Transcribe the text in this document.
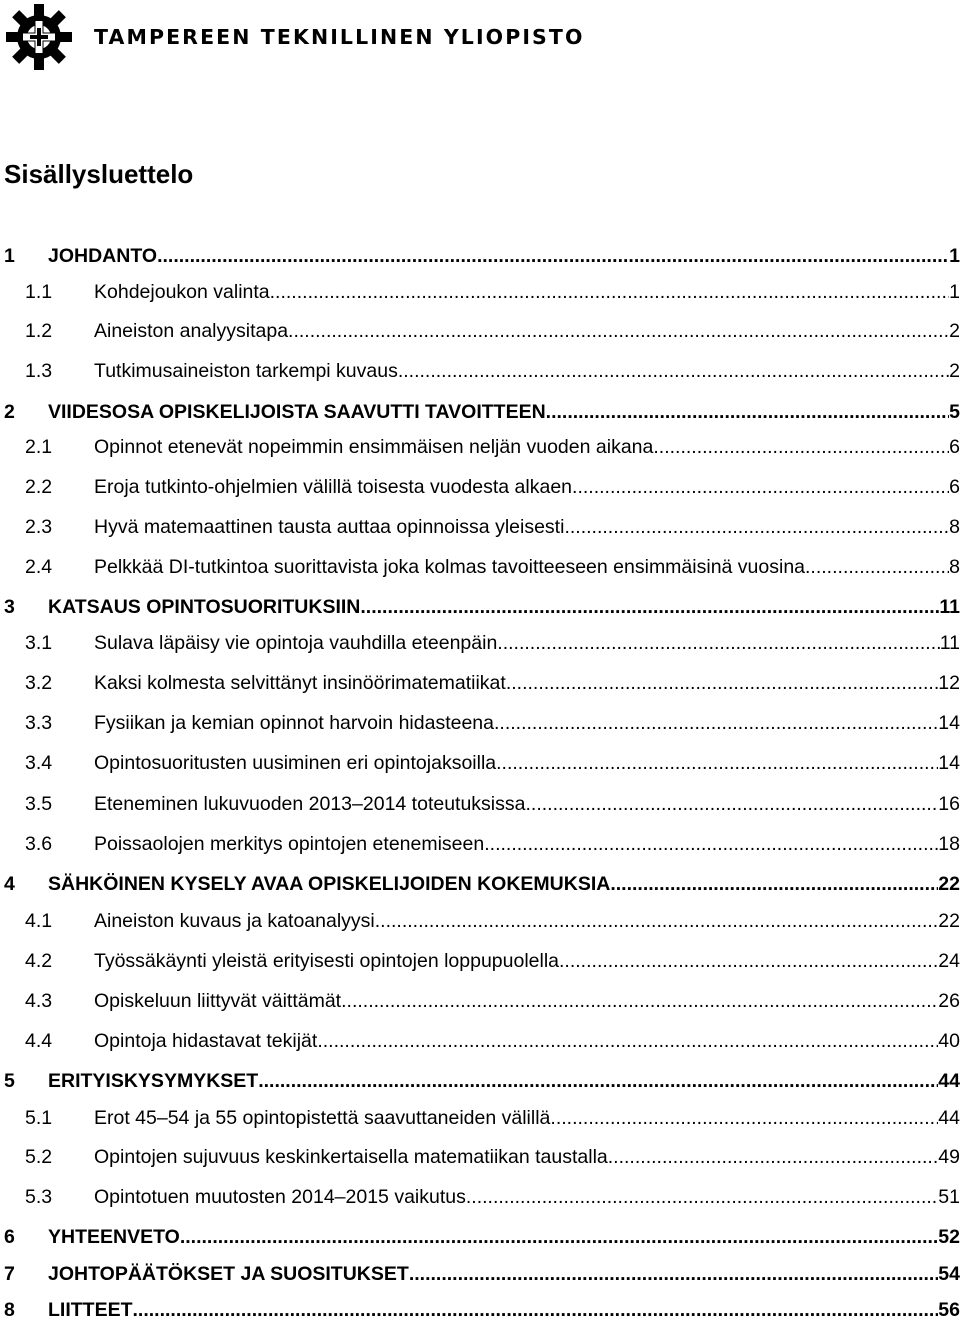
TAMPEREEN TEKNILLINEN YLIOPISTO
Sisällysluettelo
1	JOHDANTO .....	1
1.1	Kohdejoukon valinta .....	1
1.2	Aineiston analyysitapa .....	2
1.3	Tutkimusaineiston tarkempi kuvaus .....	2
2	VIIDESOSA OPISKELIJOISTA SAAVUTTI TAVOITTEEN .....	5
2.1	Opinnot etenevät nopeimmin ensimmäisen neljän vuoden aikana .....	6
2.2	Eroja tutkinto-ohjelmien välillä toisesta vuodesta alkaen .....	6
2.3	Hyvä matemaattinen tausta auttaa opinnoissa yleisesti .....	8
2.4	Pelkkää DI-tutkintoa suorittavista joka kolmas tavoitteeseen ensimmäisinä vuosina .....	8
3	KATSAUS OPINTOSUORITUKSIIN .....	11
3.1	Sulava läpäisy vie opintoja vauhdilla eteenpäin .....	11
3.2	Kaksi kolmesta selvittänyt insinöörimatematiikat .....	12
3.3	Fysiikan ja kemian opinnot harvoin hidasteena .....	14
3.4	Opintosuoritusten uusiminen eri opintojaksoilla .....	14
3.5	Eteneminen lukuvuoden 2013–2014 toteutuksissa .....	16
3.6	Poissaolojen merkitys opintojen etenemiseen .....	18
4	SÄHKÖINEN KYSELY AVAA OPISKELIJOIDEN KOKEMUKSIA .....	22
4.1	Aineiston kuvaus ja katoanalyysi .....	22
4.2	Työssäkäynti yleistä erityisesti opintojen loppupuolella .....	24
4.3	Opiskeluun liittyvät väittämät .....	26
4.4	Opintoja hidastavat tekijät .....	40
5	ERITYISKYSYMYKSET .....	44
5.1	Erot 45–54 ja 55 opintopistettä saavuttaneiden välillä .....	44
5.2	Opintojen sujuvuus keskinkertaisella matematiikan taustalla .....	49
5.3	Opintotuen muutosten 2014–2015 vaikutus .....	51
6	YHTEENVETO .....	52
7	JOHTOPÄÄTÖKSET JA SUOSITUKSET .....	54
8	LIITTEET .....	56
